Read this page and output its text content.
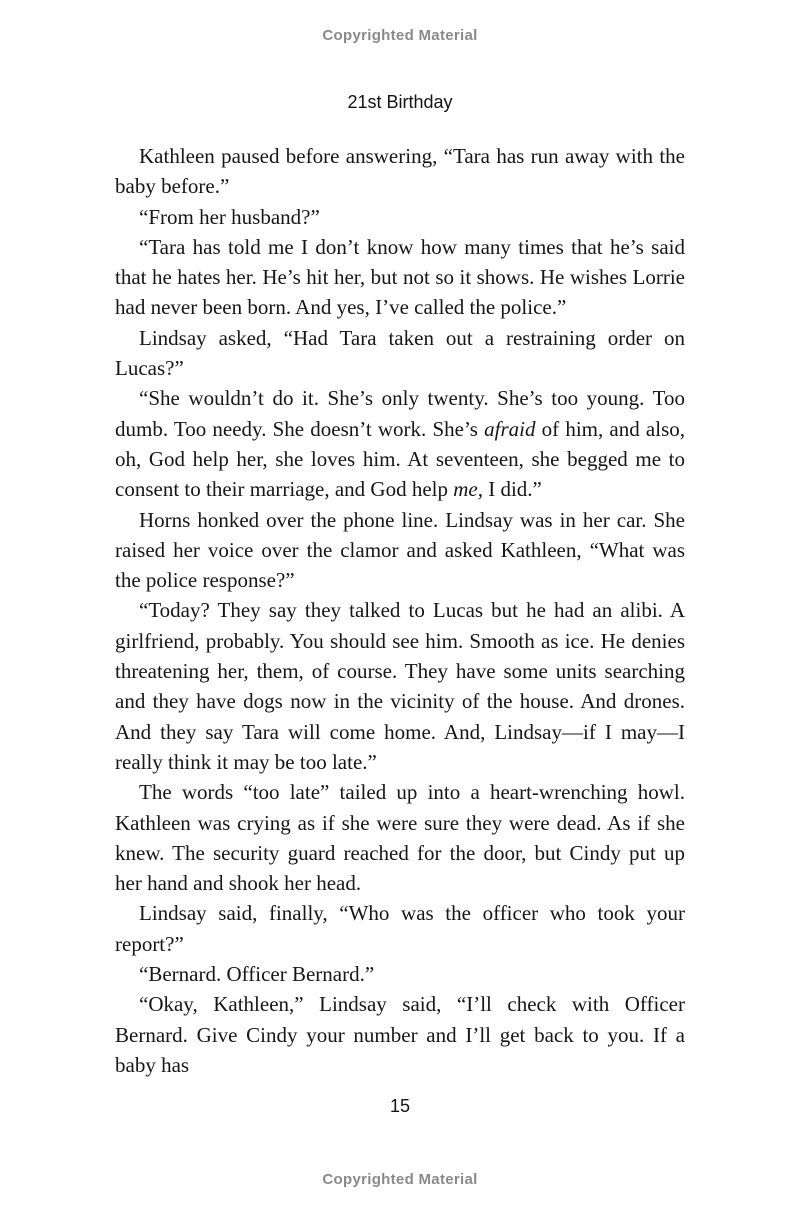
Copyrighted Material
21st Birthday

Kathleen paused before answering, “Tara has run away with the baby before.”

“From her husband?”

“Tara has told me I don’t know how many times that he’s said that he hates her. He’s hit her, but not so it shows. He wishes Lorrie had never been born. And yes, I’ve called the police.”

Lindsay asked, “Had Tara taken out a restraining order on Lucas?”

“She wouldn’t do it. She’s only twenty. She’s too young. Too dumb. Too needy. She doesn’t work. She’s afraid of him, and also, oh, God help her, she loves him. At seventeen, she begged me to consent to their marriage, and God help me, I did.”

Horns honked over the phone line. Lindsay was in her car. She raised her voice over the clamor and asked Kathleen, “What was the police response?”

“Today? They say they talked to Lucas but he had an alibi. A girlfriend, probably. You should see him. Smooth as ice. He denies threatening her, them, of course. They have some units searching and they have dogs now in the vicinity of the house. And drones. And they say Tara will come home. And, Lindsay—if I may—I really think it may be too late.”

The words “too late” tailed up into a heart-wrenching howl. Kathleen was crying as if she were sure they were dead. As if she knew. The security guard reached for the door, but Cindy put up her hand and shook her head.

Lindsay said, finally, “Who was the officer who took your report?”

“Bernard. Officer Bernard.”

“Okay, Kathleen,” Lindsay said, “I’ll check with Officer Bernard. Give Cindy your number and I’ll get back to you. If a baby has

15
Copyrighted Material
